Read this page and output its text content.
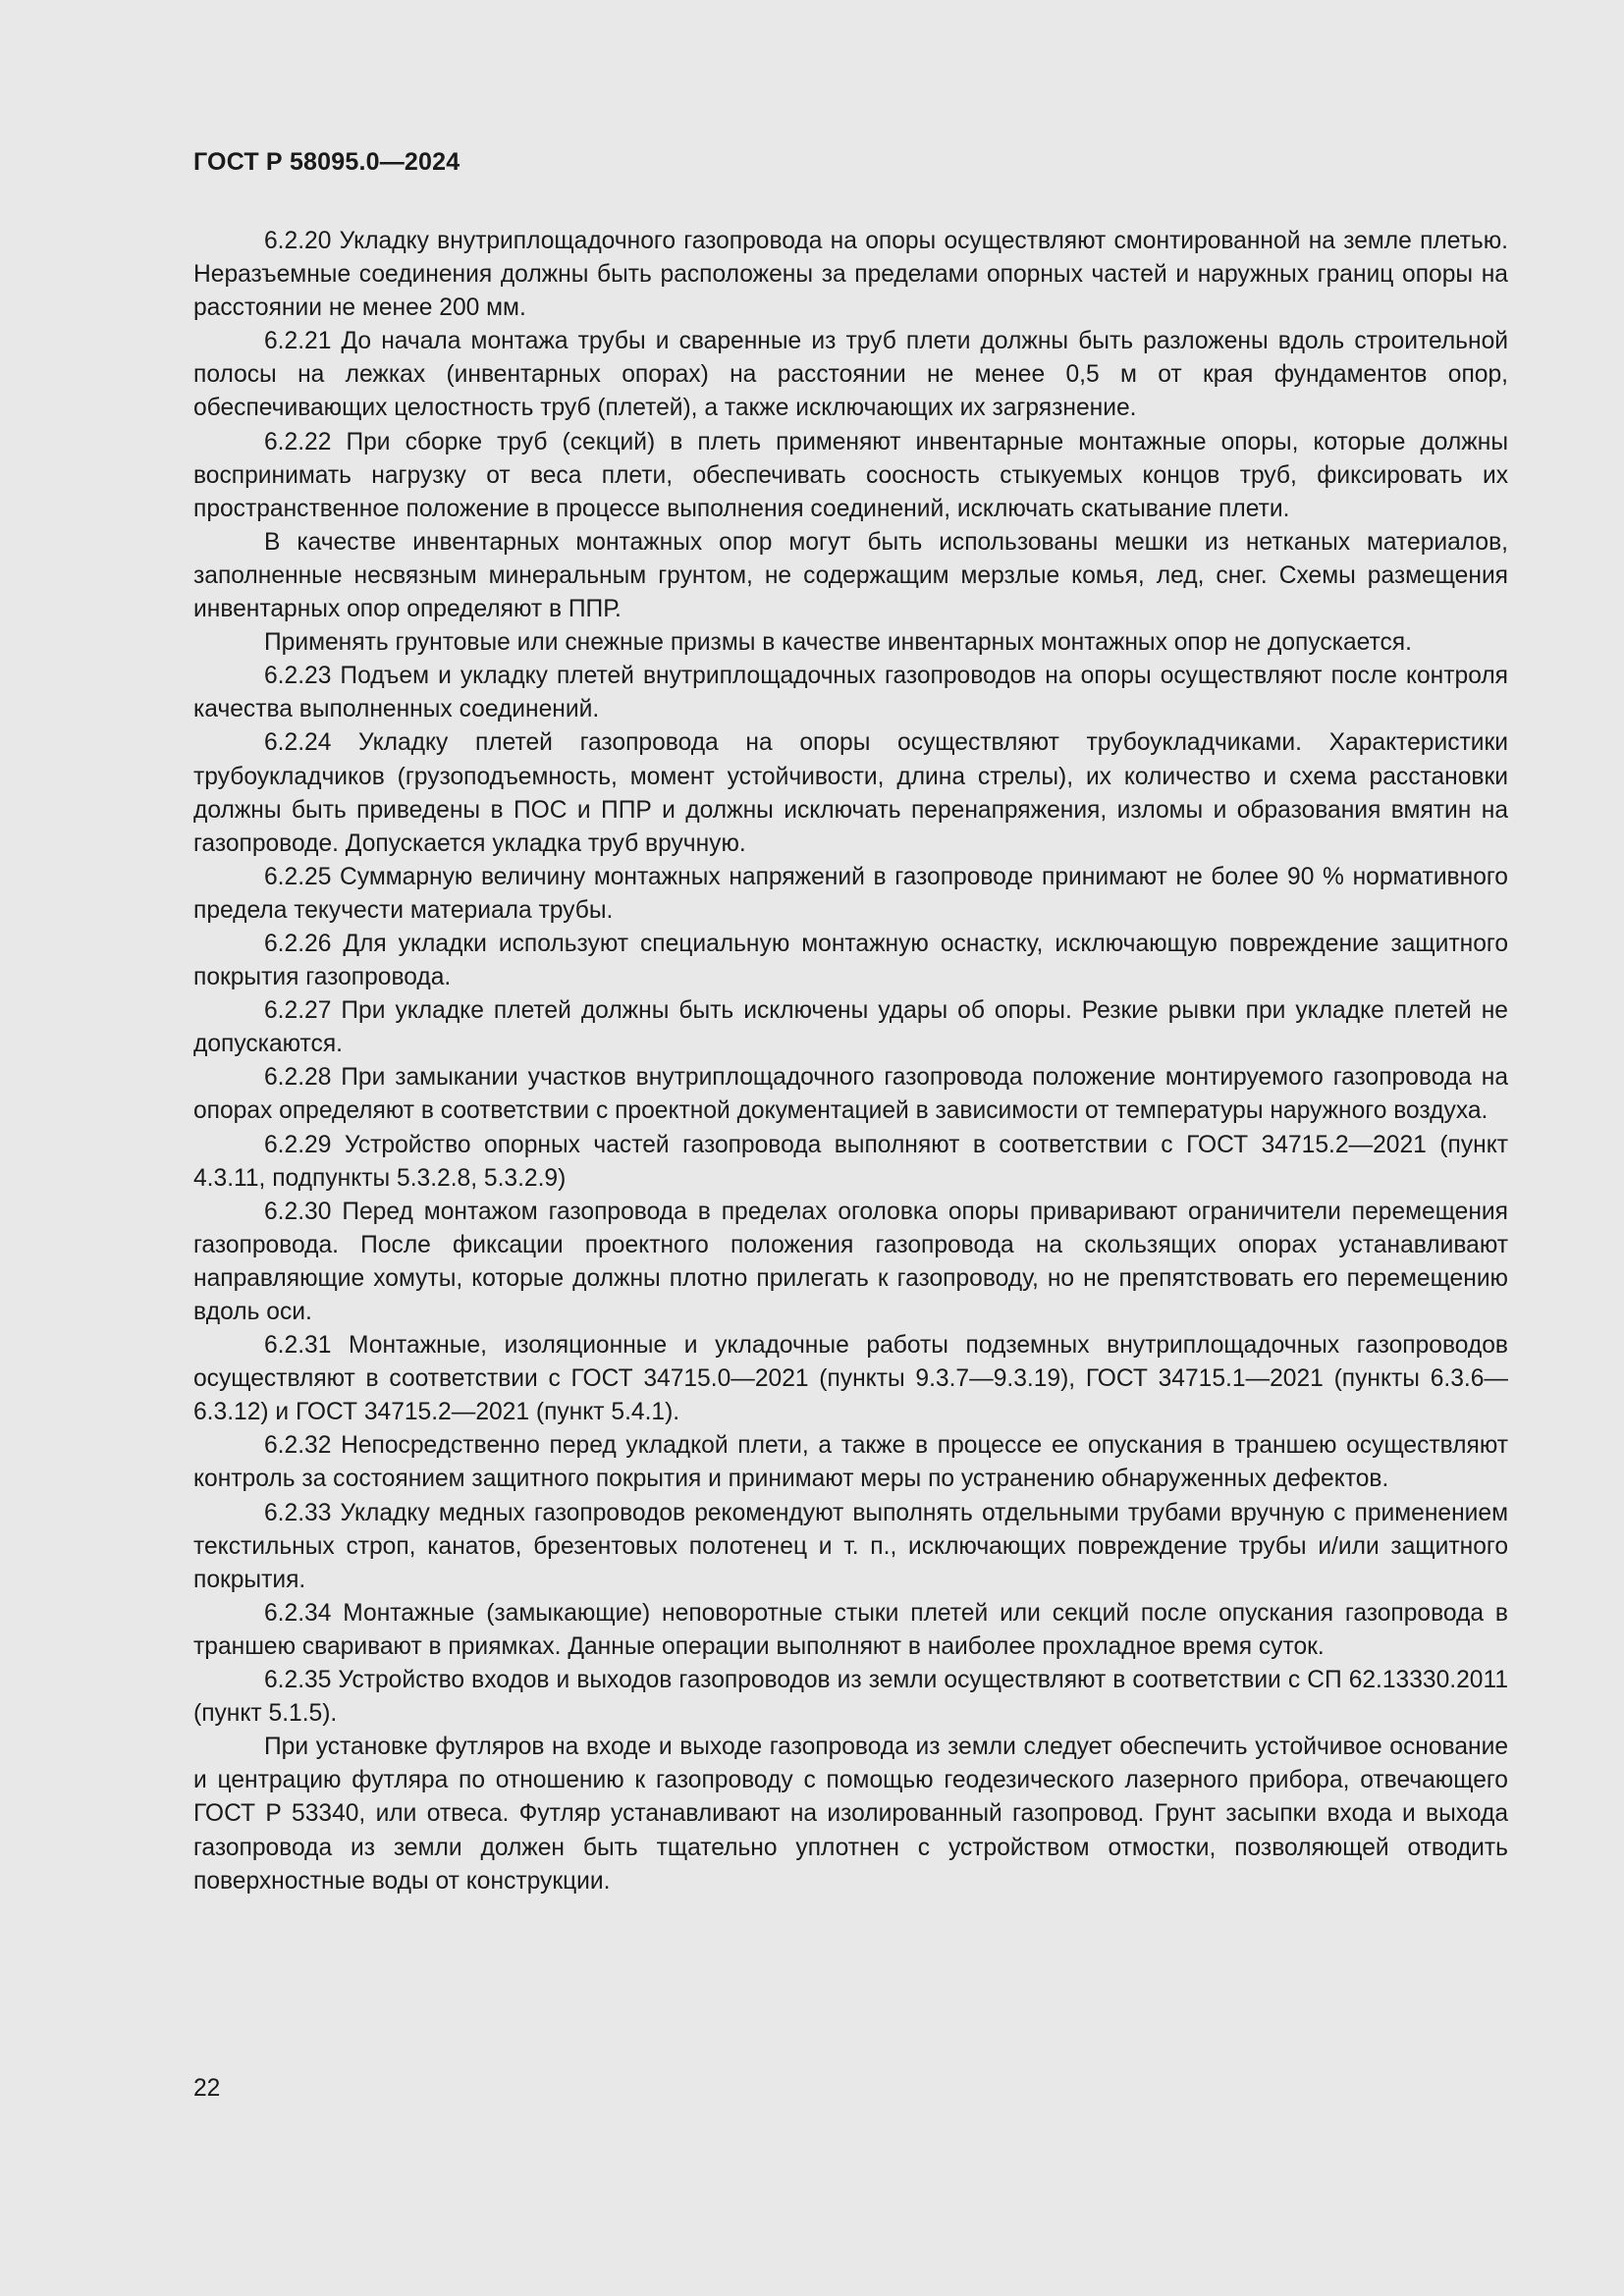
ГОСТ Р 58095.0—2024

6.2.20 Укладку внутриплощадочного газопровода на опоры осуществляют смонтированной на земле плетью. Неразъемные соединения должны быть расположены за пределами опорных частей и наружных границ опоры на расстоянии не менее 200 мм.

6.2.21 До начала монтажа трубы и сваренные из труб плети должны быть разложены вдоль строительной полосы на лежках (инвентарных опорах) на расстоянии не менее 0,5 м от края фундаментов опор, обеспечивающих целостность труб (плетей), а также исключающих их загрязнение.

6.2.22 При сборке труб (секций) в плеть применяют инвентарные монтажные опоры, которые должны воспринимать нагрузку от веса плети, обеспечивать соосность стыкуемых концов труб, фиксировать их пространственное положение в процессе выполнения соединений, исключать скатывание плети.

В качестве инвентарных монтажных опор могут быть использованы мешки из нетканых материалов, заполненные несвязным минеральным грунтом, не содержащим мерзлые комья, лед, снег. Схемы размещения инвентарных опор определяют в ППР.

Применять грунтовые или снежные призмы в качестве инвентарных монтажных опор не допускается.

6.2.23 Подъем и укладку плетей внутриплощадочных газопроводов на опоры осуществляют после контроля качества выполненных соединений.

6.2.24 Укладку плетей газопровода на опоры осуществляют трубоукладчиками. Характеристики трубоукладчиков (грузоподъемность, момент устойчивости, длина стрелы), их количество и схема расстановки должны быть приведены в ПОС и ППР и должны исключать перенапряжения, изломы и образования вмятин на газопроводе. Допускается укладка труб вручную.

6.2.25 Суммарную величину монтажных напряжений в газопроводе принимают не более 90 % нормативного предела текучести материала трубы.

6.2.26 Для укладки используют специальную монтажную оснастку, исключающую повреждение защитного покрытия газопровода.

6.2.27 При укладке плетей должны быть исключены удары об опоры. Резкие рывки при укладке плетей не допускаются.

6.2.28 При замыкании участков внутриплощадочного газопровода положение монтируемого газопровода на опорах определяют в соответствии с проектной документацией в зависимости от температуры наружного воздуха.

6.2.29 Устройство опорных частей газопровода выполняют в соответствии с ГОСТ 34715.2—2021 (пункт 4.3.11, подпункты 5.3.2.8, 5.3.2.9)

6.2.30 Перед монтажом газопровода в пределах оголовка опоры приваривают ограничители перемещения газопровода. После фиксации проектного положения газопровода на скользящих опорах устанавливают направляющие хомуты, которые должны плотно прилегать к газопроводу, но не препятствовать его перемещению вдоль оси.

6.2.31 Монтажные, изоляционные и укладочные работы подземных внутриплощадочных газопроводов осуществляют в соответствии с ГОСТ 34715.0—2021 (пункты 9.3.7—9.3.19), ГОСТ 34715.1—2021 (пункты 6.3.6—6.3.12) и ГОСТ 34715.2—2021 (пункт 5.4.1).

6.2.32 Непосредственно перед укладкой плети, а также в процессе ее опускания в траншею осуществляют контроль за состоянием защитного покрытия и принимают меры по устранению обнаруженных дефектов.

6.2.33 Укладку медных газопроводов рекомендуют выполнять отдельными трубами вручную с применением текстильных строп, канатов, брезентовых полотенец и т. п., исключающих повреждение трубы и/или защитного покрытия.

6.2.34 Монтажные (замыкающие) неповоротные стыки плетей или секций после опускания газопровода в траншею сваривают в приямках. Данные операции выполняют в наиболее прохладное время суток.

6.2.35 Устройство входов и выходов газопроводов из земли осуществляют в соответствии с СП 62.13330.2011 (пункт 5.1.5).

При установке футляров на входе и выходе газопровода из земли следует обеспечить устойчивое основание и центрацию футляра по отношению к газопроводу с помощью геодезического лазерного прибора, отвечающего ГОСТ Р 53340, или отвеса. Футляр устанавливают на изолированный газопровод. Грунт засыпки входа и выхода газопровода из земли должен быть тщательно уплотнен с устройством отмостки, позволяющей отводить поверхностные воды от конструкции.

22
